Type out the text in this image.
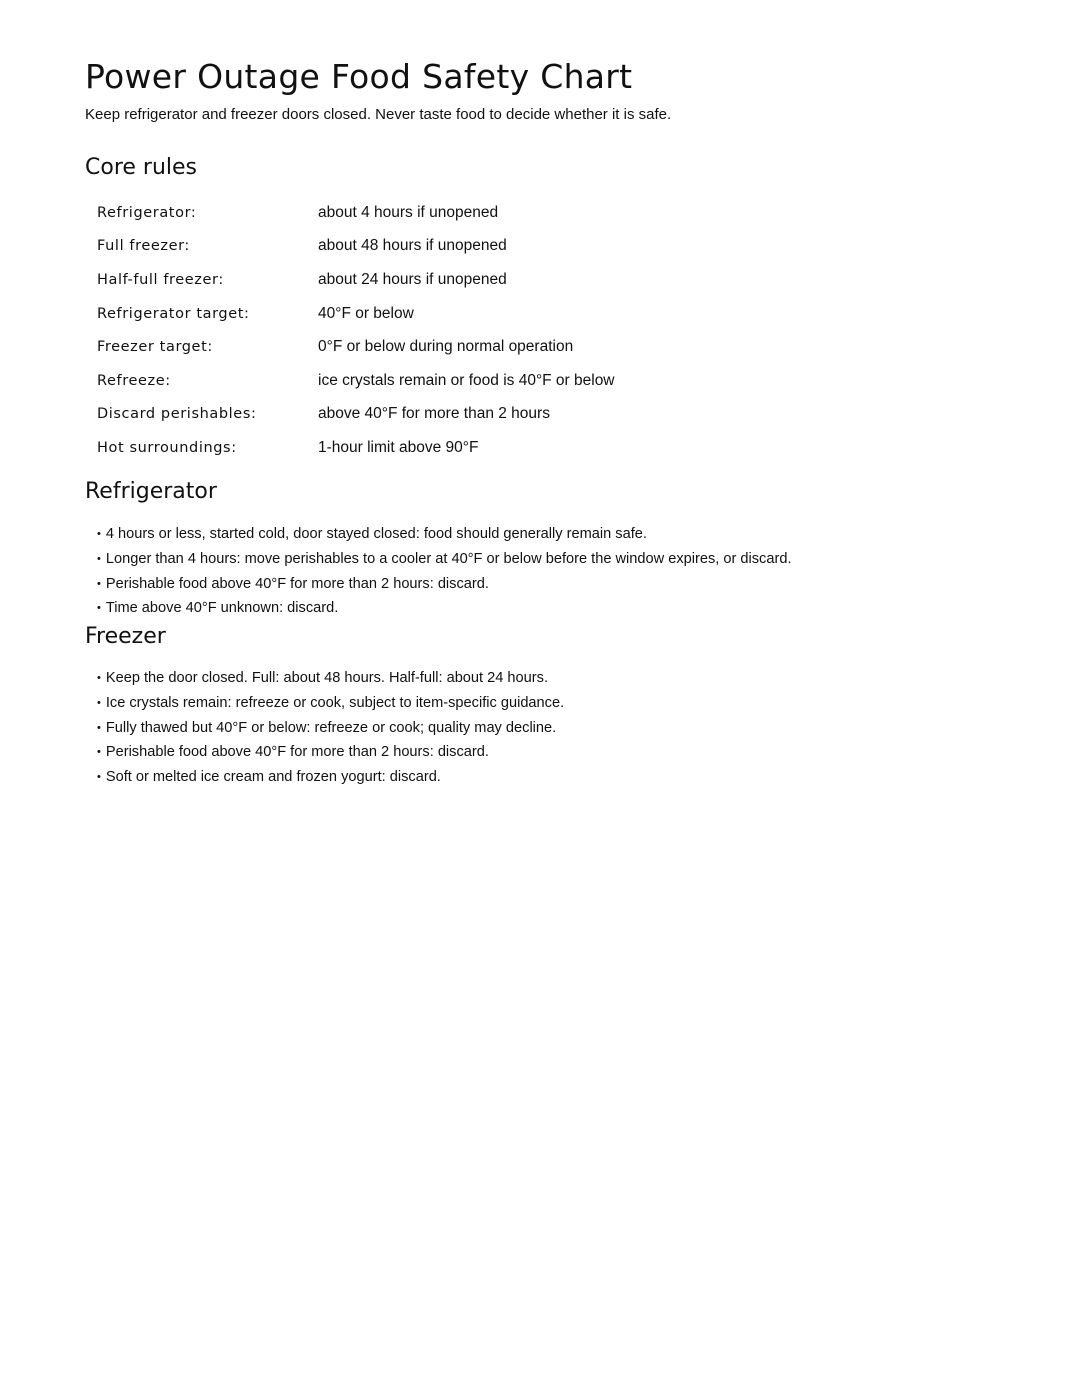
Power Outage Food Safety Chart
Keep refrigerator and freezer doors closed. Never taste food to decide whether it is safe.
Core rules
Refrigerator:	about 4 hours if unopened
Full freezer:	about 48 hours if unopened
Half-full freezer:	about 24 hours if unopened
Refrigerator target:	40°F or below
Freezer target:	0°F or below during normal operation
Refreeze:	ice crystals remain or food is 40°F or below
Discard perishables:	above 40°F for more than 2 hours
Hot surroundings:	1-hour limit above 90°F
Refrigerator
• 4 hours or less, started cold, door stayed closed: food should generally remain safe.
• Longer than 4 hours: move perishables to a cooler at 40°F or below before the window expires, or discard.
• Perishable food above 40°F for more than 2 hours: discard.
• Time above 40°F unknown: discard.
Freezer
• Keep the door closed. Full: about 48 hours. Half-full: about 24 hours.
• Ice crystals remain: refreeze or cook, subject to item-specific guidance.
• Fully thawed but 40°F or below: refreeze or cook; quality may decline.
• Perishable food above 40°F for more than 2 hours: discard.
• Soft or melted ice cream and frozen yogurt: discard.
